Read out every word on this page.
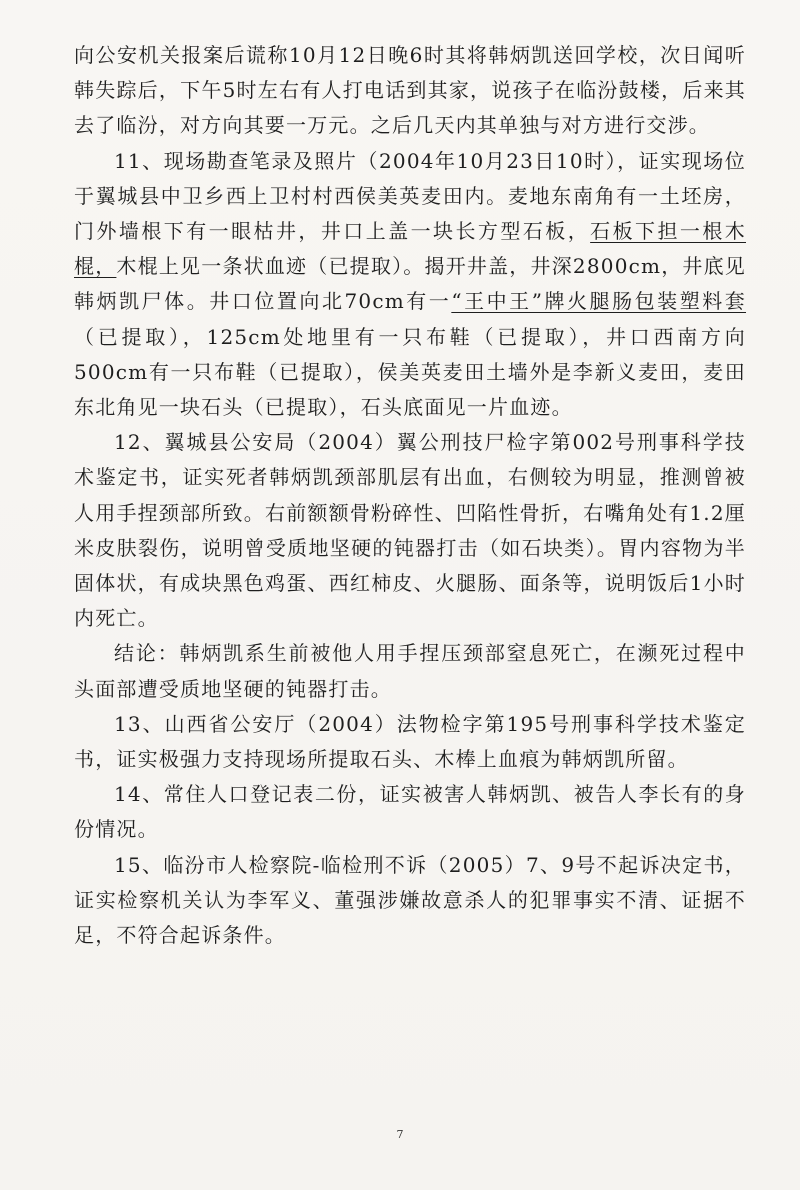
向公安机关报案后谎称10月12日晚6时其将韩炳凯送回学校，次日闻听韩失踪后，下午5时左右有人打电话到其家，说孩子在临汾鼓楼，后来其去了临汾，对方向其要一万元。之后几天内其单独与对方进行交涉。

11、现场勘查笔录及照片（2004年10月23日10时），证实现场位于翼城县中卫乡西上卫村村西侯美英麦田内。麦地东南角有一土坯房，门外墙根下有一眼枯井，井口上盖一块长方型石板，石板下担一根木棍，木棍上见一条状血迹（已提取）。揭开井盖，井深2800cm，井底见韩炳凯尸体。井口位置向北70cm有一“王中王”牌火腿肠包装塑料套（已提取），125cm处地里有一只布鞋（已提取），井口西南方向500cm有一只布鞋（已提取），侯美英麦田土墙外是李新义麦田，麦田东北角见一块石头（已提取），石头底面见一片血迹。

12、翼城县公安局（2004）翼公刑技尸检字第002号刑事科学技术鉴定书，证实死者韩炳凯颈部肌层有出血，右侧较为明显，推测曾被人用手捏颈部所致。右前额额骨粉碎性、凹陷性骨折，右嘴角处有1.2厘米皮肤裂伤，说明曾受质地坚硬的钝器打击（如石块类）。胃内容物为半固体状，有成块黑色鸡蛋、西红柿皮、火腿肠、面条等，说明饭后1小时内死亡。

结论：韩炳凯系生前被他人用手捏压颈部窒息死亡，在濒死过程中头面部遭受质地坚硬的钝器打击。

13、山西省公安厅（2004）法物检字第195号刑事科学技术鉴定书，证实极强力支持现场所提取石头、木棒上血痕为韩炳凯所留。

14、常住人口登记表二份，证实被害人韩炳凯、被告人李长有的身份情况。

15、临汾市人检察院-临检刑不诉（2005）7、9号不起诉决定书，证实检察机关认为李军义、董强涉嫌故意杀人的犯罪事实不清、证据不足，不符合起诉条件。

7
